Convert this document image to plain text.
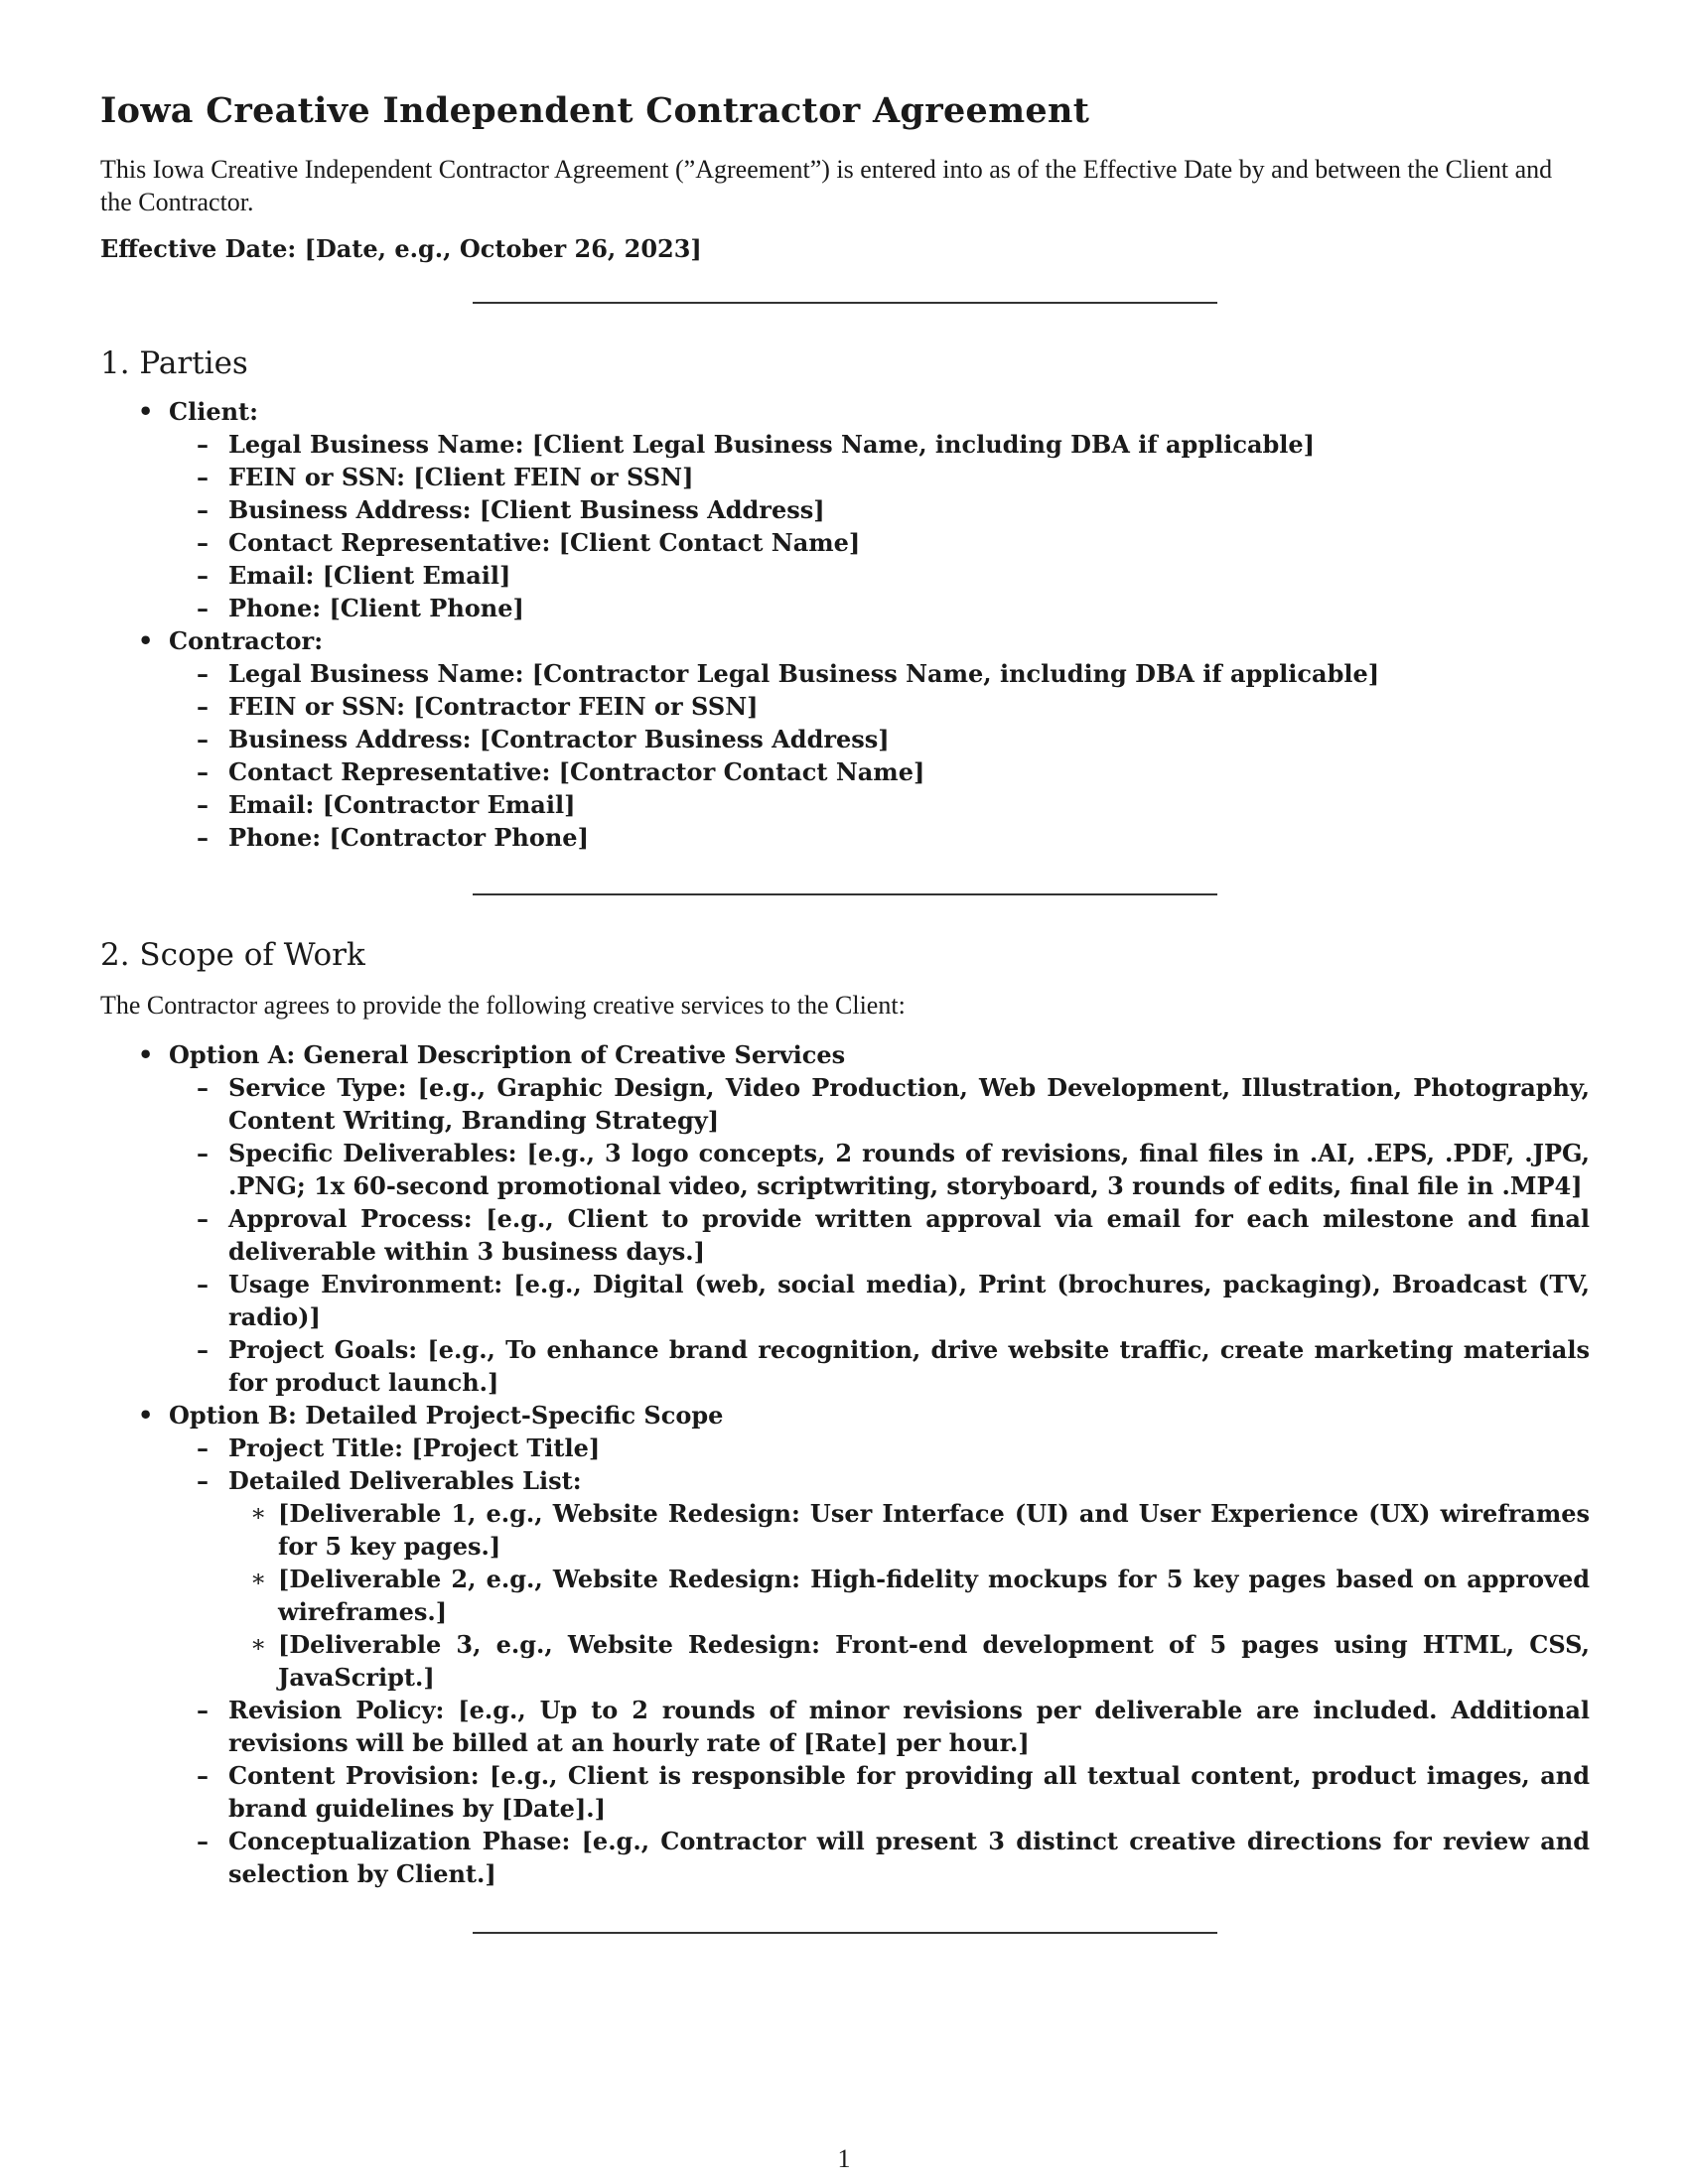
Iowa Creative Independent Contractor Agreement

This Iowa Creative Independent Contractor Agreement (”Agreement”) is entered into as of the Effective Date by and between the Client and the Contractor.

Effective Date: [Date, e.g., October 26, 2023]
1. Parties
• Client:
– Legal Business Name: [Client Legal Business Name, including DBA if applicable]
– FEIN or SSN: [Client FEIN or SSN]
– Business Address: [Client Business Address]
– Contact Representative: [Client Contact Name]
– Email: [Client Email]
– Phone: [Client Phone]
• Contractor:
– Legal Business Name: [Contractor Legal Business Name, including DBA if applicable]
– FEIN or SSN: [Contractor FEIN or SSN]
– Business Address: [Contractor Business Address]
– Contact Representative: [Contractor Contact Name]
– Email: [Contractor Email]
– Phone: [Contractor Phone]
2. Scope of Work

The Contractor agrees to provide the following creative services to the Client:

• Option A: General Description of Creative Services
– Service Type: [e.g., Graphic Design, Video Production, Web Development, Illustration, Photography, Content Writing, Branding Strategy]
– Specific Deliverables: [e.g., 3 logo concepts, 2 rounds of revisions, final files in .AI, .EPS, .PDF, .JPG, .PNG; 1x 60-second promotional video, scriptwriting, storyboard, 3 rounds of edits, final file in .MP4]
– Approval Process: [e.g., Client to provide written approval via email for each milestone and final deliverable within 3 business days.]
– Usage Environment: [e.g., Digital (web, social media), Print (brochures, packaging), Broadcast (TV, radio)]
– Project Goals: [e.g., To enhance brand recognition, drive website traffic, create marketing materials for product launch.]
• Option B: Detailed Project-Specific Scope
– Project Title: [Project Title]
– Detailed Deliverables List:
∗ [Deliverable 1, e.g., Website Redesign: User Interface (UI) and User Experience (UX) wireframes for 5 key pages.]
∗ [Deliverable 2, e.g., Website Redesign: High-fidelity mockups for 5 key pages based on approved wireframes.]
∗ [Deliverable 3, e.g., Website Redesign: Front-end development of 5 pages using HTML, CSS, JavaScript.]
– Revision Policy: [e.g., Up to 2 rounds of minor revisions per deliverable are included. Additional revisions will be billed at an hourly rate of [Rate] per hour.]
– Content Provision: [e.g., Client is responsible for providing all textual content, product images, and brand guidelines by [Date].]
– Conceptualization Phase: [e.g., Contractor will present 3 distinct creative directions for review and selection by Client.]
1
